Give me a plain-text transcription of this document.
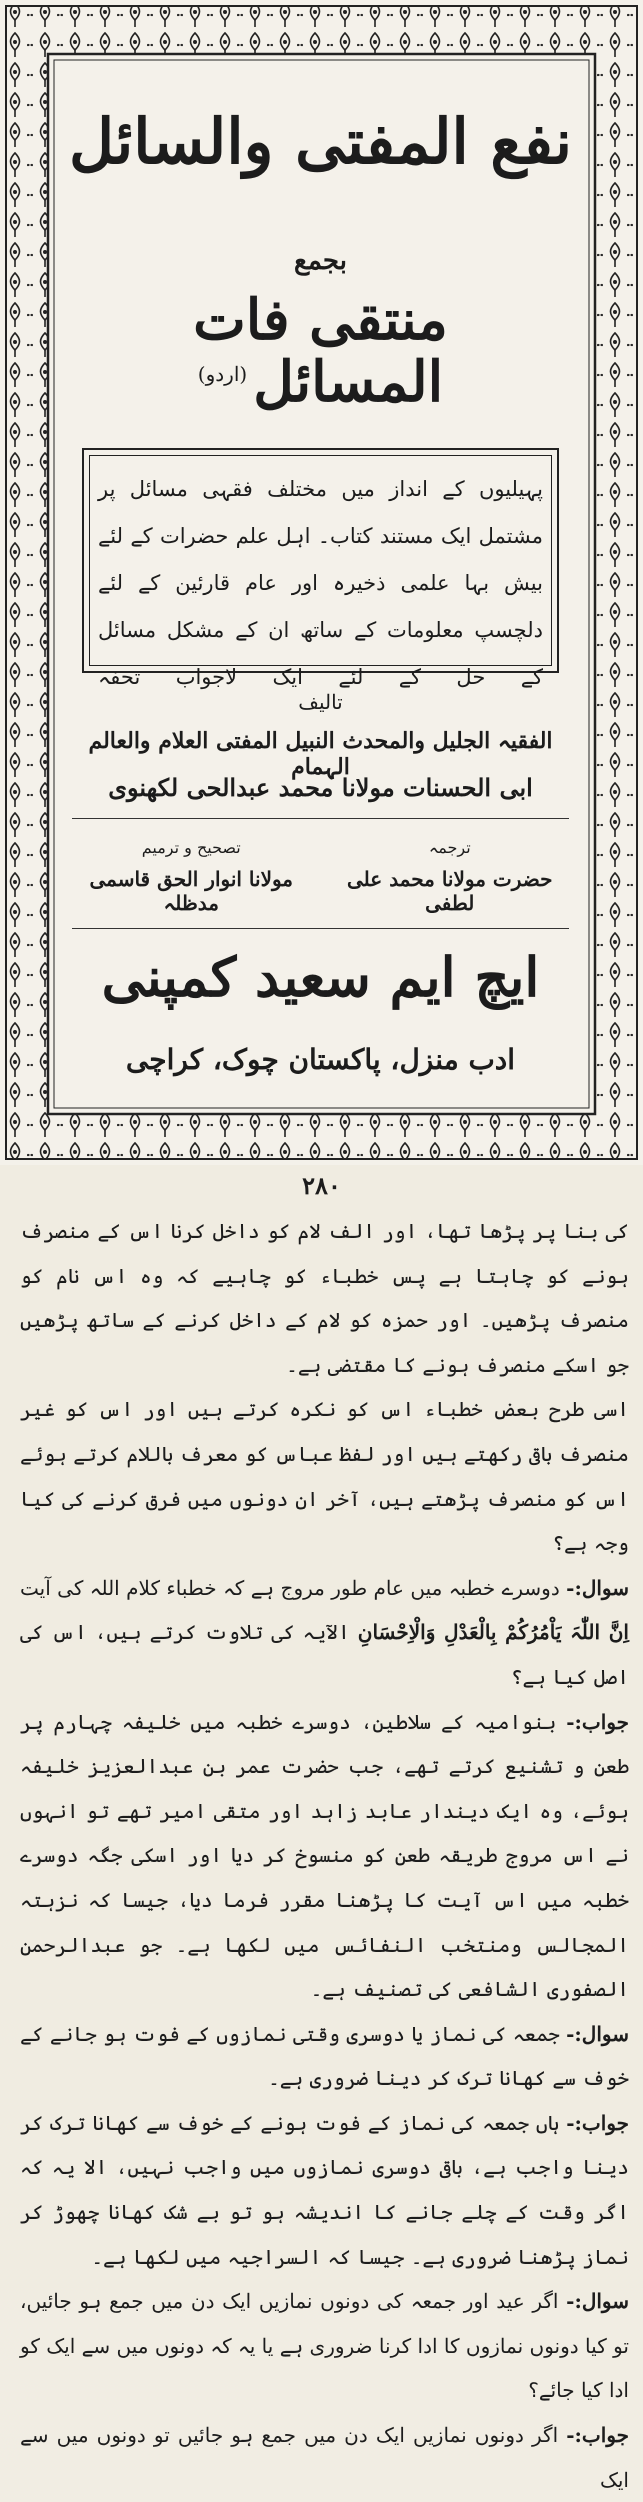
نفع المفتی والسائل
بجمع
منتقی فات المسائل$^{(اردو)}$
پہیلیوں کے انداز میں مختلف فقہی مسائل پر مشتمل ایک مستند کتاب۔ اہل علم حضرات کے لئے بیش بہا علمی ذخیرہ اور عام قارئین کے لئے دلچسپ معلومات کے ساتھ ان کے مشکل مسائل کے حل کے لئے ایک لاجواب تحفہ
تالیف
الفقیہ الجلیل والمحدث النبیل المفتی العلام والعالم الہمام
ابی الحسنات مولانا محمد عبدالحی لکھنوی
ترجمہ
حضرت مولانا محمد علی لطفی
تصحیح و ترمیم
مولانا انوار الحق قاسمی مدظلہ
ایچ ایم سعید کمپنی
ادب منزل، پاکستان چوک، کراچی
۲۸۰
کی بنا پر پڑھا تھا، اور الف لام کو داخل کرنا اس کے منصرف ہونے کو چاہتا ہے پس خطباء کو چاہیے کہ وہ اس نام کو منصرف پڑھیں۔ اور حمزہ کو لام کے داخل کرنے کے ساتھ پڑھیں جو اسکے منصرف ہونے کا مقتضی ہے۔
اسی طرح بعض خطباء اس کو نکرہ کرتے ہیں اور اس کو غیر منصرف باقی رکھتے ہیں اور لفظ عباس کو معرف باللام کرتے ہوئے اس کو منصرف پڑھتے ہیں، آخر ان دونوں میں فرق کرنے کی کیا وجہ ہے؟
سوال:- دوسرے خطبہ میں عام طور مروج ہے کہ خطباء کلام اللہ کی آیت اِنَّ اللّٰہَ یَاْمُرُکُمْ بِالْعَدْلِ وَالْاِحْسَانِ الآیہ کی تلاوت کرتے ہیں، اس کی اصل کیا ہے؟
جواب:- بنوامیہ کے سلاطین، دوسرے خطبہ میں خلیفہ چہارم پر طعن و تشنیع کرتے تھے، جب حضرت عمر بن عبدالعزیز خلیفہ ہوئے، وہ ایک دیندار عابد زاہد اور متقی امیر تھے تو انہوں نے اس مروج طریقہ طعن کو منسوخ کر دیا اور اسکی جگہ دوسرے خطبہ میں اس آیت کا پڑھنا مقرر فرما دیا، جیسا کہ نزہتہ المجالس ومنتخب النفائس میں لکھا ہے۔ جو عبدالرحمن الصفوری الشافعی کی تصنیف ہے۔
سوال:- جمعہ کی نماز یا دوسری وقتی نمازوں کے فوت ہو جانے کے خوف سے کھانا ترک کر دینا ضروری ہے۔
جواب:- ہاں جمعہ کی نماز کے فوت ہونے کے خوف سے کھانا ترک کر دینا واجب ہے، باقی دوسری نمازوں میں واجب نہیں، الا یہ کہ اگر وقت کے چلے جانے کا اندیشہ ہو تو بے شک کھانا چھوڑ کر نماز پڑھنا ضروری ہے۔ جیسا کہ السراجیہ میں لکھا ہے۔
سوال:- اگر عید اور جمعہ کی دونوں نمازیں ایک دن میں جمع ہو جائیں، تو کیا دونوں نمازوں کا ادا کرنا ضروری ہے یا یہ کہ دونوں میں سے ایک کو ادا کیا جائے؟
جواب:- اگر دونوں نمازیں ایک دن میں جمع ہو جائیں تو دونوں میں سے ایک
